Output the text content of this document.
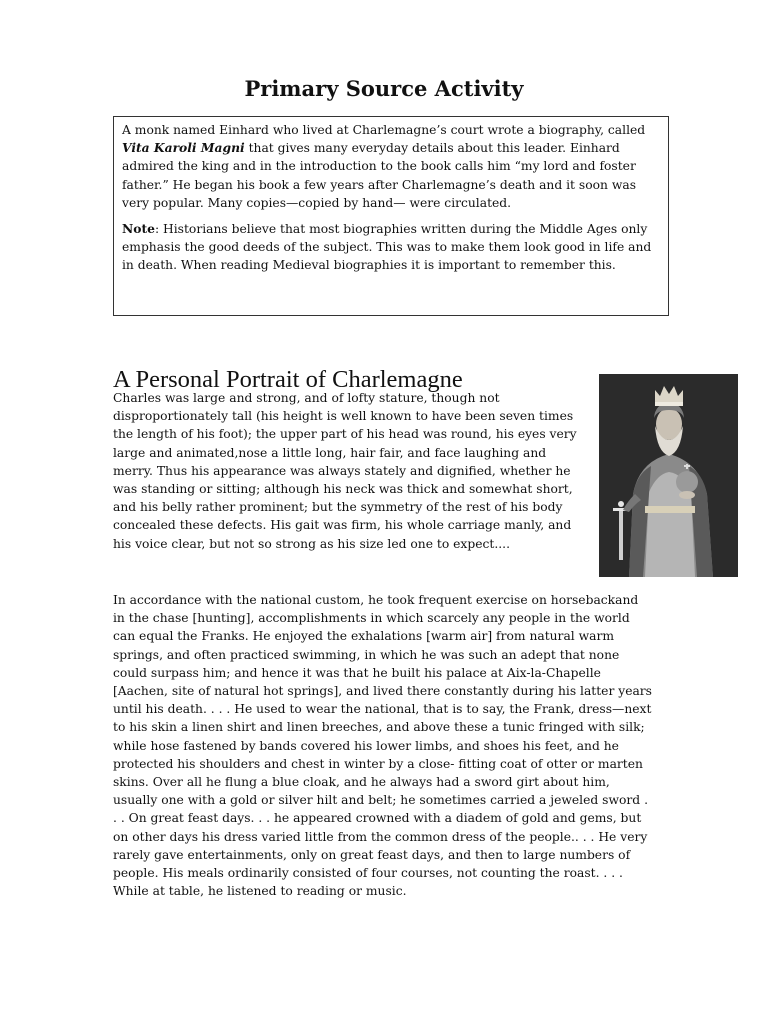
Primary Source Activity

A monk named Einhard who lived at Charlemagne’s court wrote a biography, called Vita Karoli Magni that gives many everyday details about this leader. Einhard admired the king and in the introduction to the book calls him “my lord and foster father.” He began his book a few years after Charlemagne’s death and it soon was very popular. Many copies—copied by hand— were circulated.

Note: Historians believe that most biographies written during the Middle Ages only emphasis the good deeds of the subject. This was to make them look good in life and in death. When reading Medieval biographies it is important to remember this.

A Personal Portrait of Charlemagne

Charles was large and strong, and of lofty stature, though not disproportionately tall (his height is well known to have been seven times the length of his foot); the upper part of his head was round, his eyes very large and animated,nose a little long, hair fair, and face laughing and merry. Thus his appearance was always stately and dignified, whether he was standing or sitting; although his neck was thick and somewhat short, and his belly rather prominent; but the symmetry of the rest of his body concealed these defects. His gait was firm, his whole carriage manly, and his voice clear, but not so strong as his size led one to expect....

In accordance with the national custom, he took frequent exercise on horsebackand in the chase [hunting], accomplishments in which scarcely any people in the world can equal the Franks. He enjoyed the exhalations [warm air] from natural warm springs, and often practiced swimming, in which he was such an adept that none could surpass him; and hence it was that he built his palace at Aix-la-Chapelle [Aachen, site of natural hot springs], and lived there constantly during his latter years until his death. . . . He used to wear the national, that is to say, the Frank, dress—next to his skin a linen shirt and linen breeches, and above these a tunic fringed with silk; while hose fastened by bands covered his lower limbs, and shoes his feet, and he protected his shoulders and chest in winter by a close- fitting coat of otter or marten skins. Over all he flung a blue cloak, and he always had a sword girt about him, usually one with a gold or silver hilt and belt; he sometimes carried a jeweled sword . . . On great feast days. . . he appeared crowned with a diadem of gold and gems, but on other days his dress varied little from the common dress of the people.. . . He very rarely gave entertainments, only on great feast days, and then to large numbers of people. His meals ordinarily consisted of four courses, not counting the roast. . . . While at table, he listened to reading or music.
